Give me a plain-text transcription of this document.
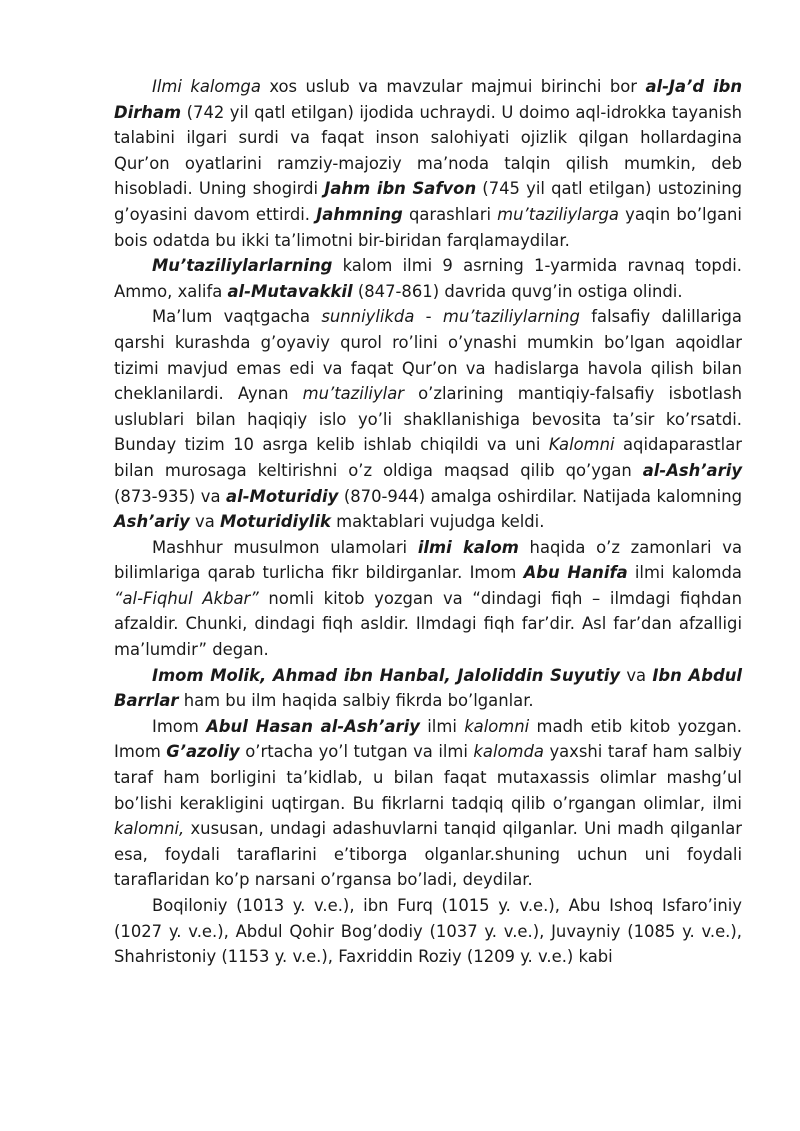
Ilmi kalomga xos uslub va mavzular majmui birinchi bor al-Ja’d ibn Dirham (742 yil qatl etilgan) ijodida uchraydi. U doimo aql-idrokka tayanish talabini ilgari surdi va faqat inson salohiyati ojizlik qilgan hollardagina Qur’on oyatlarini ramziy-majoziy ma’noda talqin qilish mumkin, deb hisobladi. Uning shogirdi Jahm ibn Safvon (745 yil qatl etilgan) ustozining g’oyasini davom ettirdi. Jahmning qarashlari mu’taziliylarga yaqin bo’lgani bois odatda bu ikki ta’limotni bir-biridan farqlamaydilar.

Mu’taziliylarlarning kalom ilmi 9 asrning 1-yarmida ravnaq topdi. Ammo, xalifa al-Mutavakkil (847-861) davrida quvg’in ostiga olindi.

Ma’lum vaqtgacha sunniylikda - mu’taziliylarning falsafiy dalillariga qarshi kurashda g’oyaviy qurol ro’lini o’ynashi mumkin bo’lgan aqoidlar tizimi mavjud emas edi va faqat Qur’on va hadislarga havola qilish bilan cheklanilardi. Aynan mu’taziliylar o’zlarining mantiqiy-falsafiy isbotlash uslublari bilan haqiqiy islo yo’li shakllanishiga bevosita ta’sir ko’rsatdi. Bunday tizim 10 asrga kelib ishlab chiqildi va uni Kalomni aqidaparastlar bilan murosaga keltirishni o’z oldiga maqsad qilib qo’ygan al-Ash’ariy (873-935) va al-Moturidiy (870-944) amalga oshirdilar. Natijada kalomning Ash’ariy va Moturidiylik maktablari vujudga keldi.

Mashhur musulmon ulamolari ilmi kalom haqida o’z zamonlari va bilimlariga qarab turlicha fikr bildirganlar. Imom Abu Hanifa ilmi kalomda “al-Fiqhul Akbar” nomli kitob yozgan va “dindagi fiqh – ilmdagi fiqhdan afzaldir. Chunki, dindagi fiqh asldir. Ilmdagi fiqh far’dir. Asl far’dan afzalligi ma’lumdir” degan.

Imom Molik, Ahmad ibn Hanbal, Jaloliddin Suyutiy va Ibn Abdul Barrlar ham bu ilm haqida salbiy fikrda bo’lganlar.

Imom Abul Hasan al-Ash’ariy ilmi kalomni madh etib kitob yozgan. Imom G’azoliy o’rtacha yo’l tutgan va ilmi kalomda yaxshi taraf ham salbiy taraf ham borligini ta’kidlab, u bilan faqat mutaxassis olimlar mashg’ul bo’lishi kerakligini uqtirgan. Bu fikrlarni tadqiq qilib o’rgangan olimlar, ilmi kalomni, xususan, undagi adashuvlarni tanqid qilganlar. Uni madh qilganlar esa, foydali taraflarini e’tiborga olganlar.shuning uchun uni foydali taraflaridan ko’p narsani o’rgansa bo’ladi, deydilar.

Boqiloniy (1013 y. v.e.), ibn Furq (1015 y. v.e.), Abu Ishoq Isfaro’iniy (1027 y. v.e.), Abdul Qohir Bog’dodiy (1037 y. v.e.), Juvayniy (1085 y. v.e.), Shahristoniy (1153 y. v.e.), Faxriddin Roziy (1209 y. v.e.) kabi
